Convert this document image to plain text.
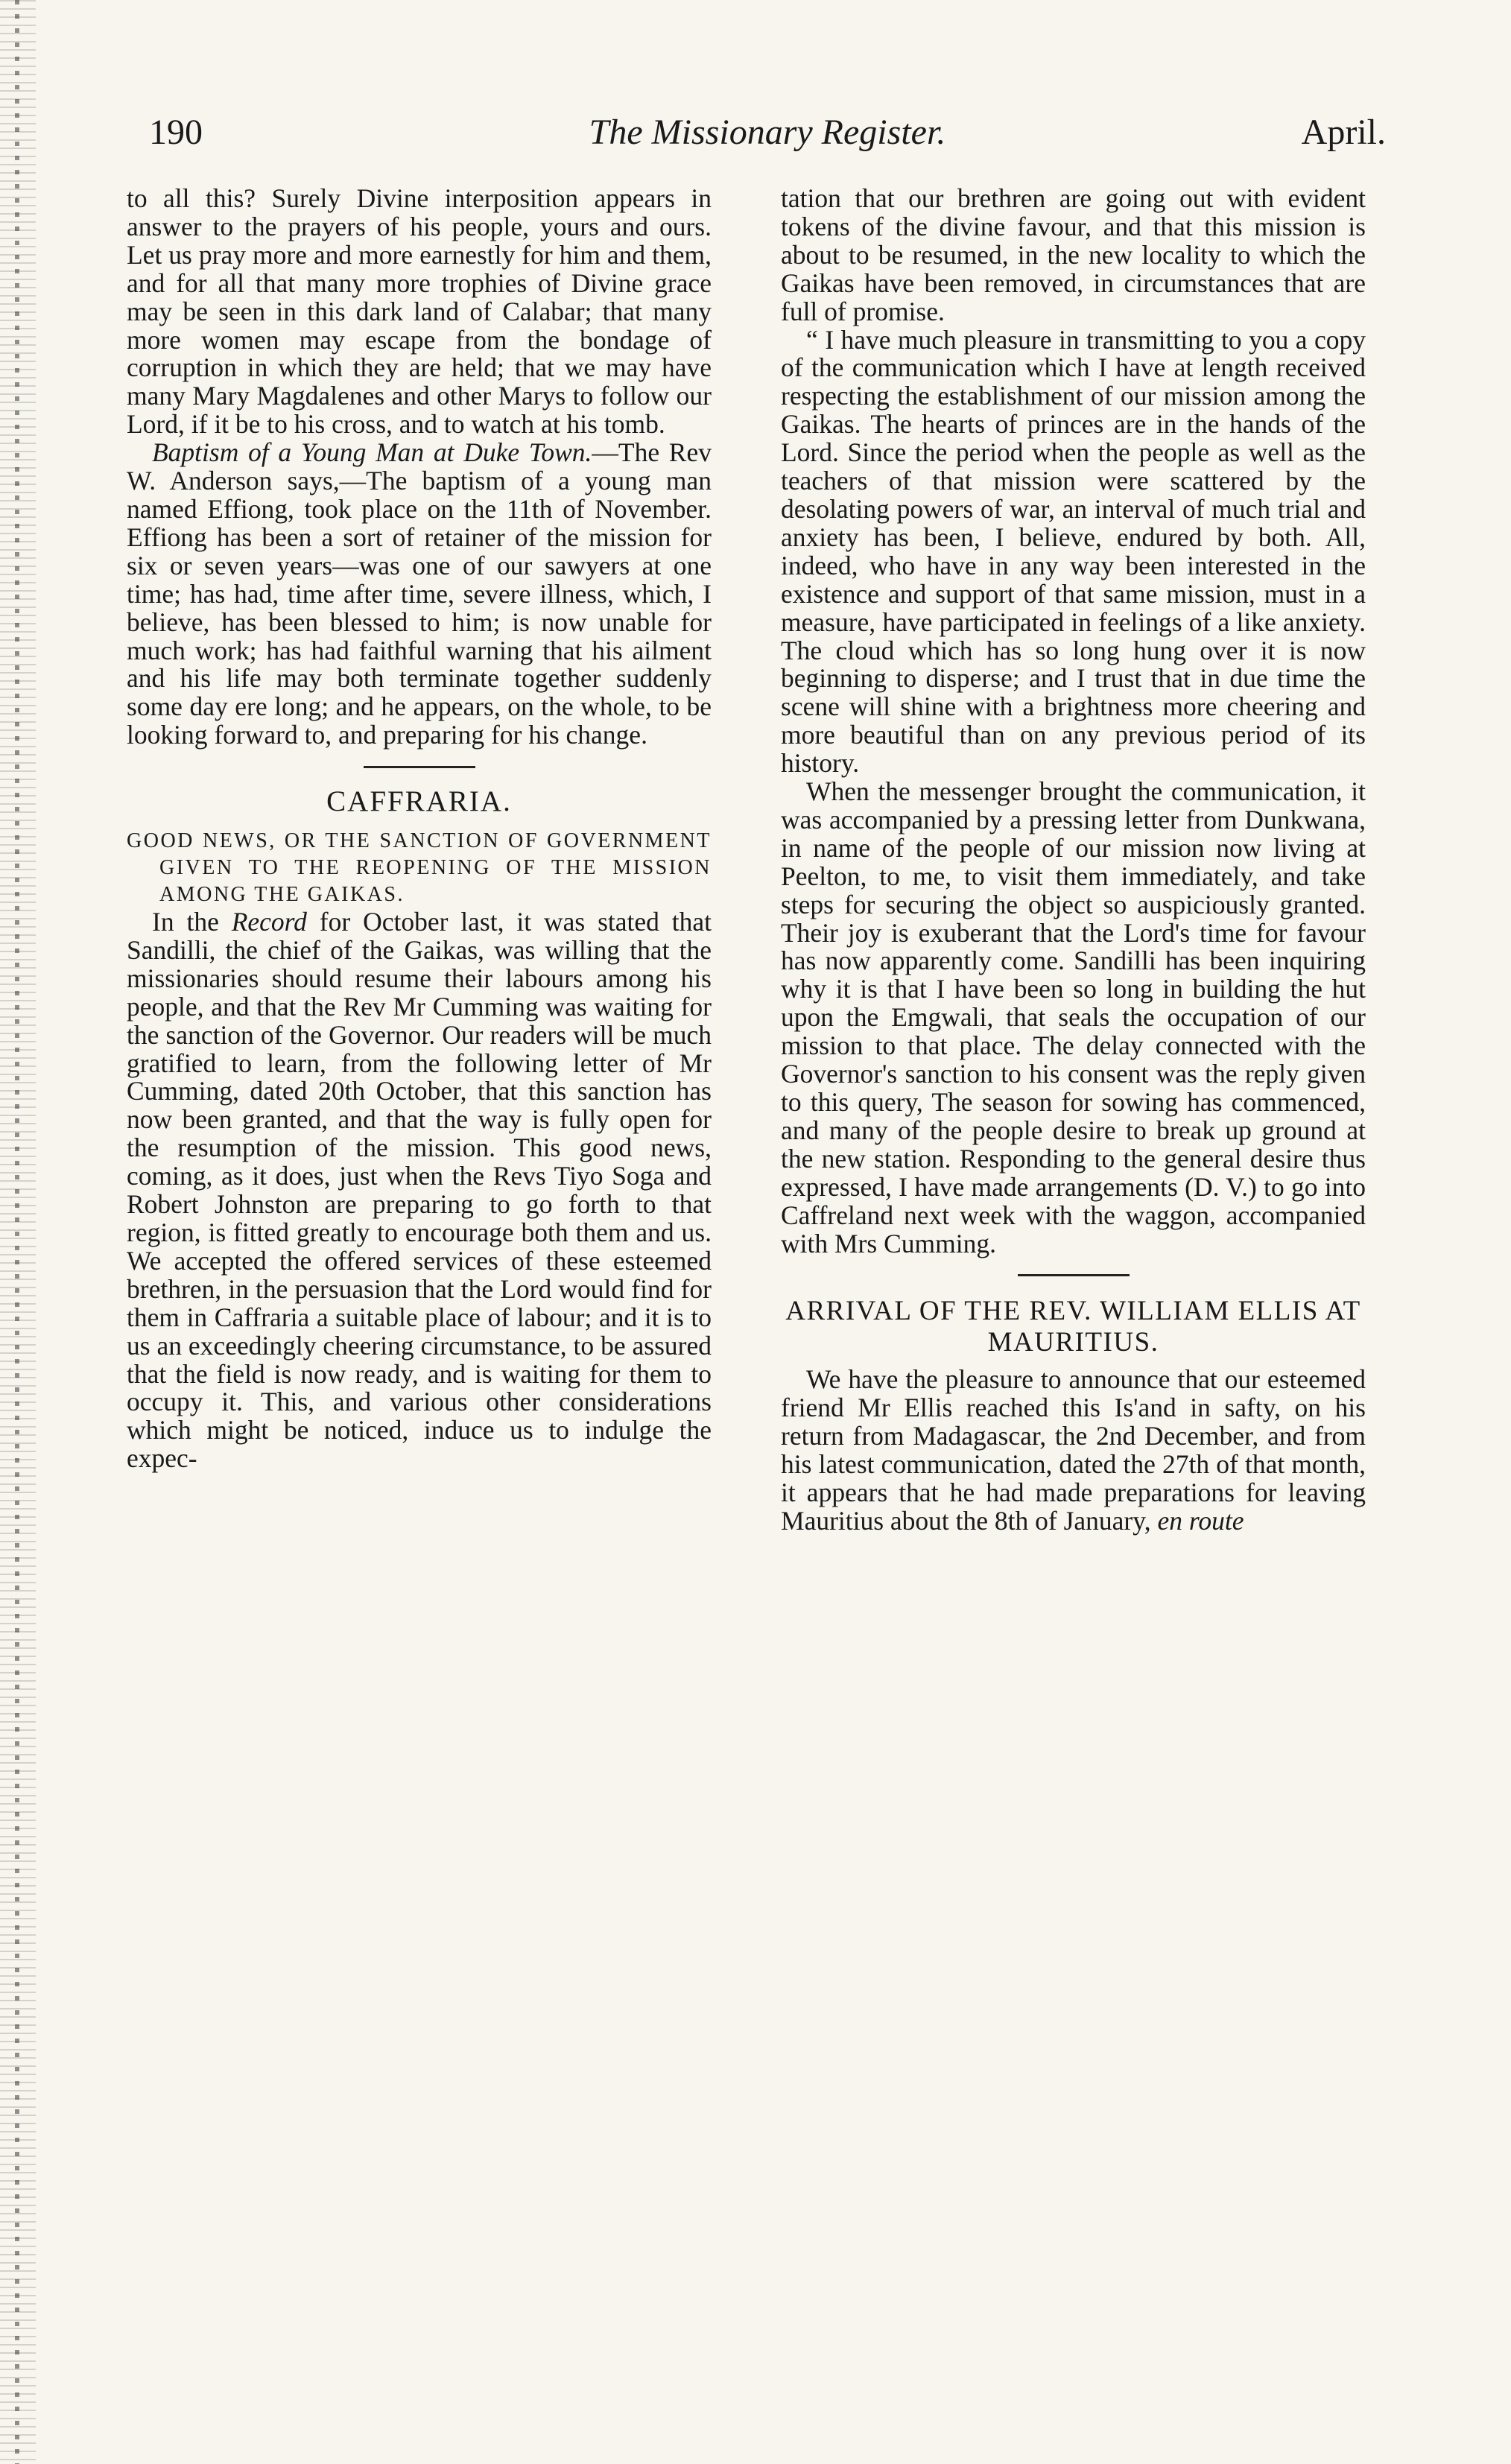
190	The Missionary Register.	April.

to all this? Surely Divine interposition appears in answer to the prayers of his people, yours and ours. Let us pray more and more earnestly for him and them, and for all that many more trophies of Divine grace may be seen in this dark land of Calabar; that many more women may escape from the bondage of corruption in which they are held; that we may have many Mary Magdalenes and other Marys to follow our Lord, if it be to his cross, and to watch at his tomb.

Baptism of a Young Man at Duke Town.—The Rev W. Anderson says,—The baptism of a young man named Effiong, took place on the 11th of November. Effiong has been a sort of retainer of the mission for six or seven years—was one of our sawyers at one time; has had, time after time, severe illness, which, I believe, has been blessed to him; is now unable for much work; has had faithful warning that his ailment and his life may both terminate together suddenly some day ere long; and he appears, on the whole, to be looking forward to, and preparing for his change.

CAFFRARIA.

GOOD NEWS, OR THE SANCTION OF GOVERNMENT GIVEN TO THE REOPENING OF THE MISSION AMONG THE GAIKAS.

In the Record for October last, it was stated that Sandilli, the chief of the Gaikas, was willing that the missionaries should resume their labours among his people, and that the Rev Mr Cumming was waiting for the sanction of the Governor. Our readers will be much gratified to learn, from the following letter of Mr Cumming, dated 20th October, that this sanction has now been granted, and that the way is fully open for the resumption of the mission. This good news, coming, as it does, just when the Revs Tiyo Soga and Robert Johnston are preparing to go forth to that region, is fitted greatly to encourage both them and us. We accepted the offered services of these esteemed brethren, in the persuasion that the Lord would find for them in Caffraria a suitable place of labour; and it is to us an exceedingly cheering circumstance, to be assured that the field is now ready, and is waiting for them to occupy it. This, and various other considerations which might be noticed, induce us to indulge the expec-

tation that our brethren are going out with evident tokens of the divine favour, and that this mission is about to be resumed, in the new locality to which the Gaikas have been removed, in circumstances that are full of promise.

“ I have much pleasure in transmitting to you a copy of the communication which I have at length received respecting the establishment of our mission among the Gaikas. The hearts of princes are in the hands of the Lord. Since the period when the people as well as the teachers of that mission were scattered by the desolating powers of war, an interval of much trial and anxiety has been, I believe, endured by both. All, indeed, who have in any way been interested in the existence and support of that same mission, must in a measure, have participated in feelings of a like anxiety. The cloud which has so long hung over it is now beginning to disperse; and I trust that in due time the scene will shine with a brightness more cheering and more beautiful than on any previous period of its history.

When the messenger brought the communication, it was accompanied by a pressing letter from Dunkwana, in name of the people of our mission now living at Peelton, to me, to visit them immediately, and take steps for securing the object so auspiciously granted. Their joy is exuberant that the Lord's time for favour has now apparently come. Sandilli has been inquiring why it is that I have been so long in building the hut upon the Emgwali, that seals the occupation of our mission to that place. The delay connected with the Governor's sanction to his consent was the reply given to this query, The season for sowing has commenced, and many of the people desire to break up ground at the new station. Responding to the general desire thus expressed, I have made arrangements (D. V.) to go into Caffreland next week with the waggon, accompanied with Mrs Cumming.

ARRIVAL OF THE REV. WILLIAM ELLIS AT MAURITIUS.

We have the pleasure to announce that our esteemed friend Mr Ellis reached this Is'and in safty, on his return from Madagascar, the 2nd December, and from his latest communication, dated the 27th of that month, it appears that he had made preparations for leaving Mauritius about the 8th of January, en route
